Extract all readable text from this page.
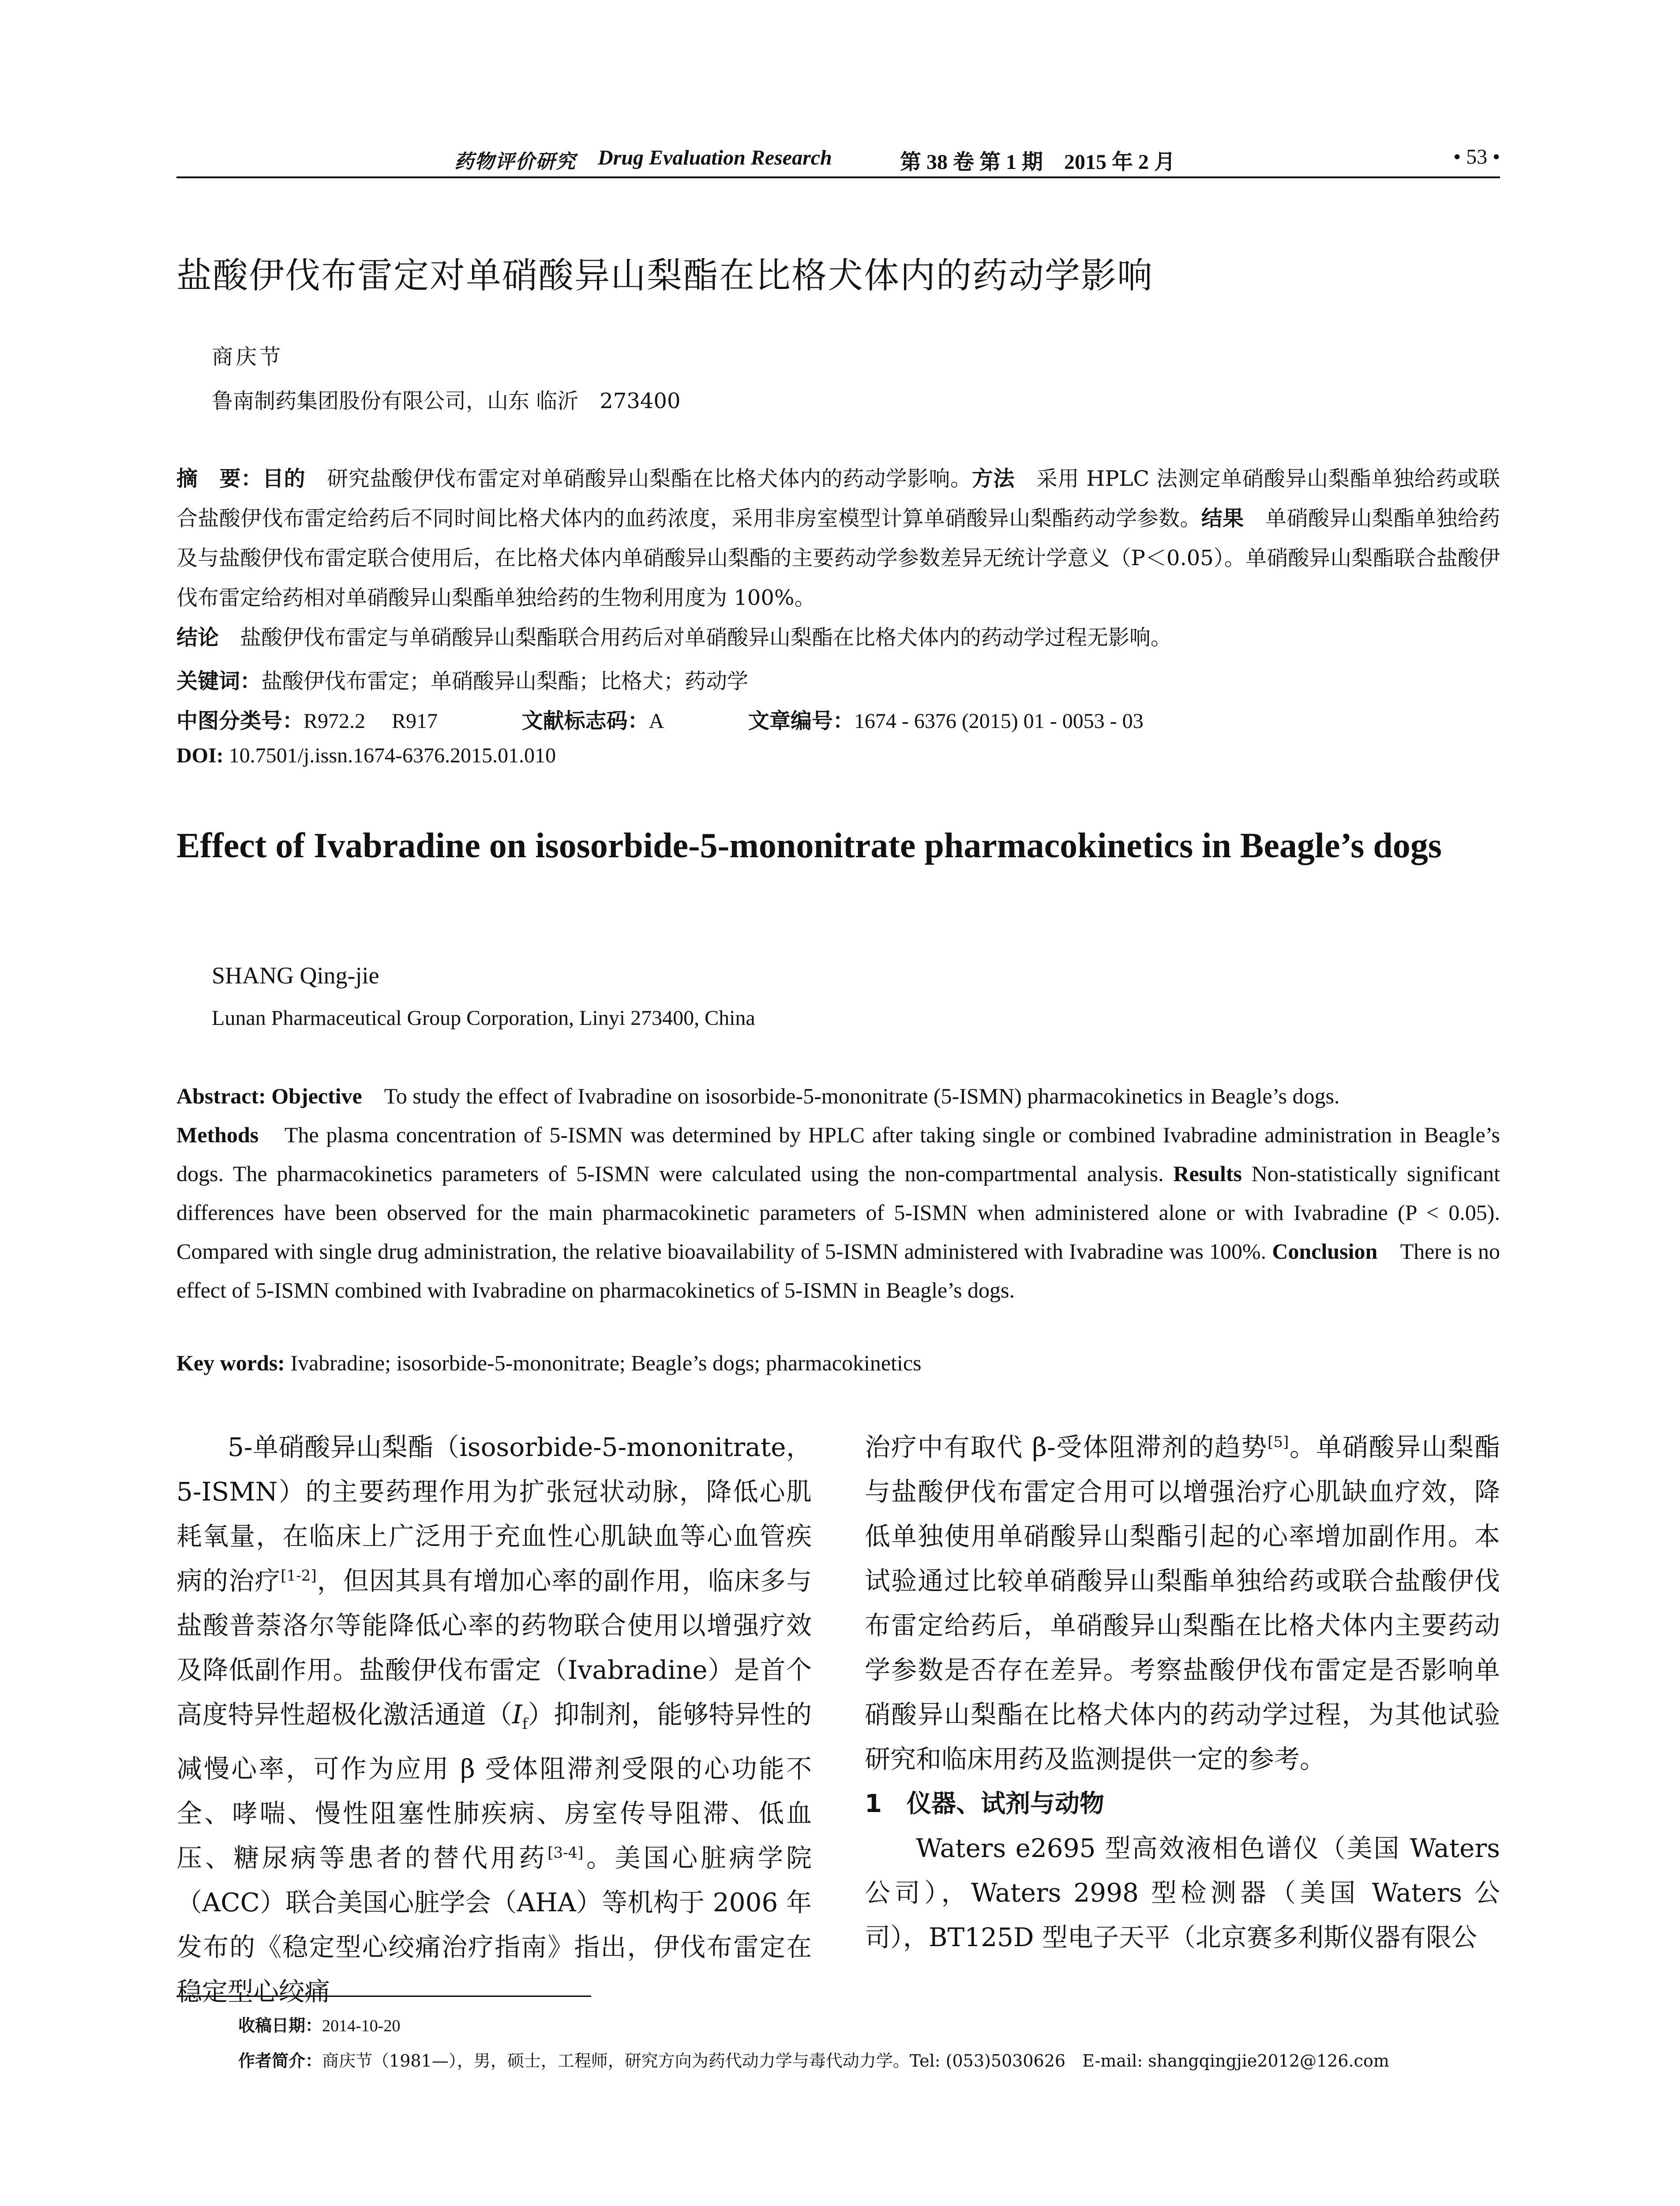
药物评价研究 Drug Evaluation Research	第 38 卷 第 1 期　2015 年 2 月	• 53 •
盐酸伊伐布雷定对单硝酸异山梨酯在比格犬体内的药动学影响
商庆节
鲁南制药集团股份有限公司，山东 临沂　273400
摘　要：目的　研究盐酸伊伐布雷定对单硝酸异山梨酯在比格犬体内的药动学影响。方法　采用 HPLC 法测定单硝酸异山梨酯单独给药或联合盐酸伊伐布雷定给药后不同时间比格犬体内的血药浓度，采用非房室模型计算单硝酸异山梨酯药动学参数。结果　单硝酸异山梨酯单独给药及与盐酸伊伐布雷定联合使用后，在比格犬体内单硝酸异山梨酯的主要药动学参数差异无统计学意义（P＜0.05）。单硝酸异山梨酯联合盐酸伊伐布雷定给药相对单硝酸异山梨酯单独给药的生物利用度为 100%。
结论　盐酸伊伐布雷定与单硝酸异山梨酯联合用药后对单硝酸异山梨酯在比格犬体内的药动学过程无影响。
关键词：盐酸伊伐布雷定；单硝酸异山梨酯；比格犬；药动学
中图分类号：R972.2　 R917	文献标志码：A	文章编号：1674 - 6376 (2015) 01 - 0053 - 03
DOI: 10.7501/j.issn.1674-6376.2015.01.010
Effect of Ivabradine on isosorbide-5-mononitrate pharmacokinetics in Beagle’s dogs
SHANG Qing-jie
Lunan Pharmaceutical Group Corporation, Linyi 273400, China
Abstract: Objective　To study the effect of Ivabradine on isosorbide-5-mononitrate (5-ISMN) pharmacokinetics in Beagle’s dogs.
Methods　The plasma concentration of 5-ISMN was determined by HPLC after taking single or combined Ivabradine administration in Beagle’s dogs. The pharmacokinetics parameters of 5-ISMN were calculated using the non-compartmental analysis. Results Non-statistically significant differences have been observed for the main pharmacokinetic parameters of 5-ISMN when administered alone or with Ivabradine (P < 0.05). Compared with single drug administration, the relative bioavailability of 5-ISMN administered with Ivabradine was 100%. Conclusion　There is no effect of 5-ISMN combined with Ivabradine on pharmacokinetics of 5-ISMN in Beagle’s dogs.
Key words: Ivabradine; isosorbide-5-mononitrate; Beagle’s dogs; pharmacokinetics

5-单硝酸异山梨酯（isosorbide-5-mononitrate，5-ISMN）的主要药理作用为扩张冠状动脉，降低心肌耗氧量，在临床上广泛用于充血性心肌缺血等心血管疾病的治疗[1-2]，但因其具有增加心率的副作用，临床多与盐酸普萘洛尔等能降低心率的药物联合使用以增强疗效及降低副作用。盐酸伊伐布雷定（Ivabradine）是首个高度特异性超极化激活通道$(I_f)$抑制剂，能够特异性的减慢心率，可作为应用 β 受体阻滞剂受限的心功能不全、哮喘、慢性阻塞性肺疾病、房室传导阻滞、低血压、糖尿病等患者的替代用药[3-4]。美国心脏病学院（ACC）联合美国心脏学会（AHA）等机构于 2006 年发布的《稳定型心绞痛治疗指南》指出，伊伐布雷定在稳定型心绞痛

治疗中有取代 β-受体阻滞剂的趋势[5]。单硝酸异山梨酯与盐酸伊伐布雷定合用可以增强治疗心肌缺血疗效，降低单独使用单硝酸异山梨酯引起的心率增加副作用。本试验通过比较单硝酸异山梨酯单独给药或联合盐酸伊伐布雷定给药后，单硝酸异山梨酯在比格犬体内主要药动学参数是否存在差异。考察盐酸伊伐布雷定是否影响单硝酸异山梨酯在比格犬体内的药动学过程，为其他试验研究和临床用药及监测提供一定的参考。

1　仪器、试剂与动物

Waters e2695 型高效液相色谱仪（美国 Waters 公司），Waters 2998 型检测器（美国 Waters 公司），BT125D 型电子天平（北京赛多利斯仪器有限公

收稿日期：2014-10-20
作者简介：商庆节（1981—），男，硕士，工程师，研究方向为药代动力学与毒代动力学。Tel: (053)5030626　E-mail: shangqingjie2012@126.com
